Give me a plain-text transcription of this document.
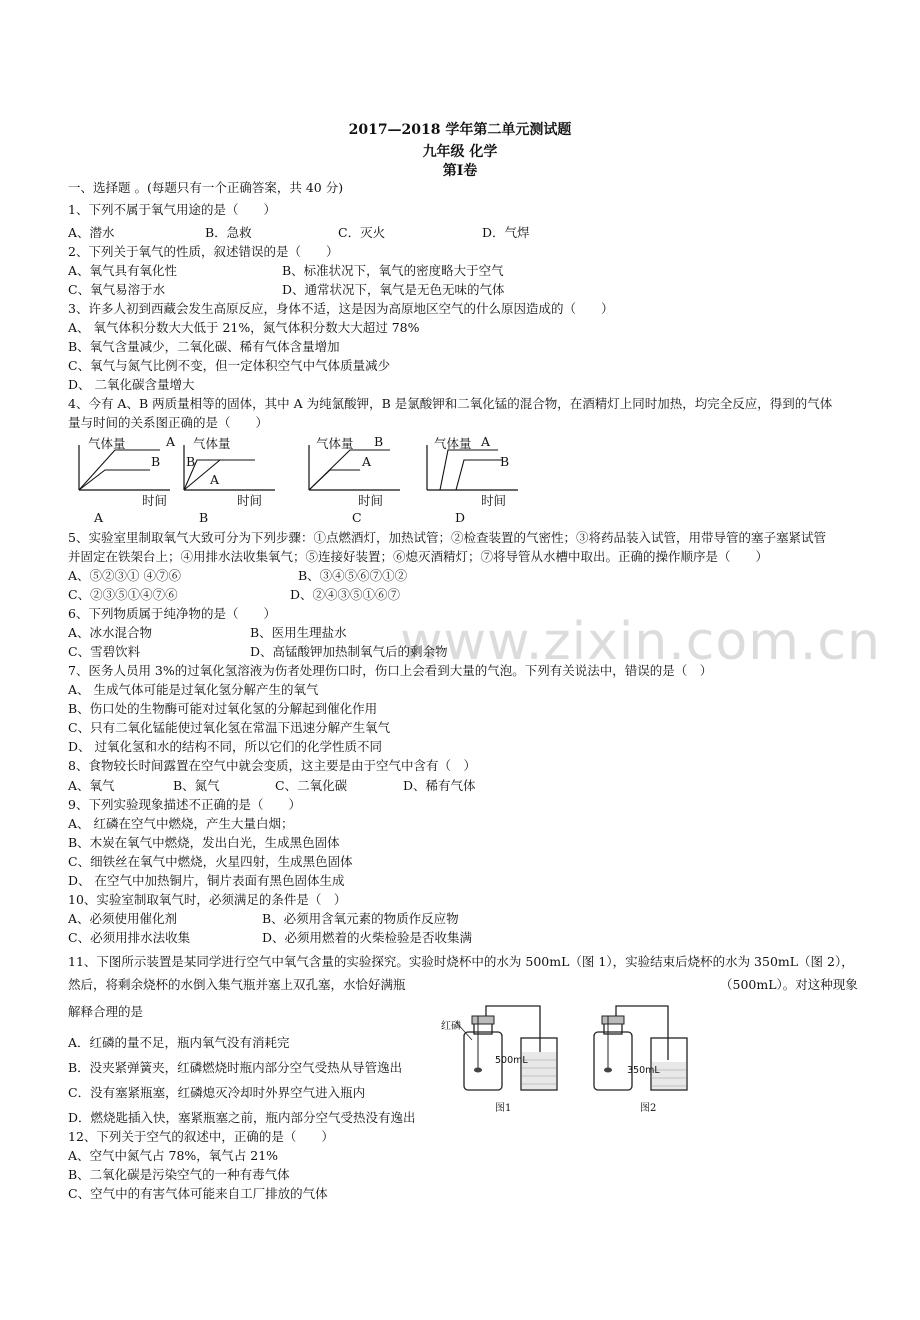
www.zixin.com.cn
2017—2018 学年第二单元测试题
九年级 化学
第Ⅰ卷
一、选择题 。(每题只有一个正确答案，共 40 分)
1、下列不属于氧气用途的是（　　）
A、潜水	B．急救	C．灭火	D．气焊
2、下列关于氧气的性质，叙述错误的是（　　）
A、氧气具有氧化性	B、标准状况下，氧气的密度略大于空气
C、氧气易溶于水	D、通常状况下，氧气是无色无味的气体
3、许多人初到西藏会发生高原反应，身体不适，这是因为高原地区空气的什么原因造成的（　　）
A、 氧气体积分数大大低于 21%，氮气体积分数大大超过 78%
B、氧气含量减少，二氧化碳、稀有气体含量增加
C、氧气与氮气比例不变，但一定体积空气中气体质量减少
D、 二氧化碳含量增大
4、今有 A、B 两质量相等的固体，其中 A 为纯氯酸钾，B 是氯酸钾和二氧化锰的混合物，在酒精灯上同时加热，均完全反应，得到的气体
量与时间的关系图正确的是（　　）
气体量	A
B
时间
A
气体量
B
A
时间
B
气体量 B
A
时间
C
气体量 A
B
时间
D
5、实验室里制取氧气大致可分为下列步骤：①点燃酒灯，加热试管；②检查装置的气密性；③将药品装入试管，用带导管的塞子塞紧试管
并固定在铁架台上；④用排水法收集氧气；⑤连接好装置；⑥熄灭酒精灯；⑦将导管从水槽中取出。正确的操作顺序是（　　）
A、⑤②③① ④⑦⑥	B、③④⑤⑥⑦①②
C、②③⑤①④⑦⑥	D、②④③⑤①⑥⑦
6、下列物质属于纯净物的是（　　）
A、冰水混合物	B、医用生理盐水
C、雪碧饮料	D、高锰酸钾加热制氧气后的剩余物
7、医务人员用 3%的过氧化氢溶液为伤者处理伤口时，伤口上会看到大量的气泡。下列有关说法中，错误的是（　）
A、 生成气体可能是过氧化氢分解产生的氧气
B、伤口处的生物酶可能对过氧化氢的分解起到催化作用
C、只有二氧化锰能使过氧化氢在常温下迅速分解产生氧气
D、 过氧化氢和水的结构不同，所以它们的化学性质不同
8、食物较长时间露置在空气中就会变质，这主要是由于空气中含有（　）
A、氧气	B、氮气	C、二氧化碳	D、稀有气体
9、下列实验现象描述不正确的是（　　）
A、 红磷在空气中燃烧，产生大量白烟；
B、木炭在氧气中燃烧，发出白光，生成黑色固体
C、细铁丝在氧气中燃烧，火星四射，生成黑色固体
D、 在空气中加热铜片，铜片表面有黑色固体生成
10、实验室制取氧气时，必须满足的条件是（　）
A、必须使用催化剂	B、必须用含氧元素的物质作反应物
C、必须用排水法收集	D、必须用燃着的火柴检验是否收集满
11、下图所示装置是某同学进行空气中氧气含量的实验探究。实验时烧杯中的水为 500mL（图 1），实验结束后烧杯的水为 350mL（图 2），
然后，将剩余烧杯的水倒入集气瓶并塞上双孔塞，水恰好满瓶	（500mL）。对这种现象
解释合理的是
A．红磷的量不足，瓶内氧气没有消耗完
B．没夹紧弹簧夹，红磷燃烧时瓶内部分空气受热从导管逸出
C．没有塞紧瓶塞，红磷熄灭冷却时外界空气进入瓶内
D．燃烧匙插入快，塞紧瓶塞之前，瓶内部分空气受热没有逸出
红磷
500mL
350mL
图1	图2
12、下列关于空气的叙述中，正确的是（　　）
A、空气中氮气占 78%，氧气占 21%
B、二氧化碳是污染空气的一种有毒气体
C、空气中的有害气体可能来自工厂排放的气体
